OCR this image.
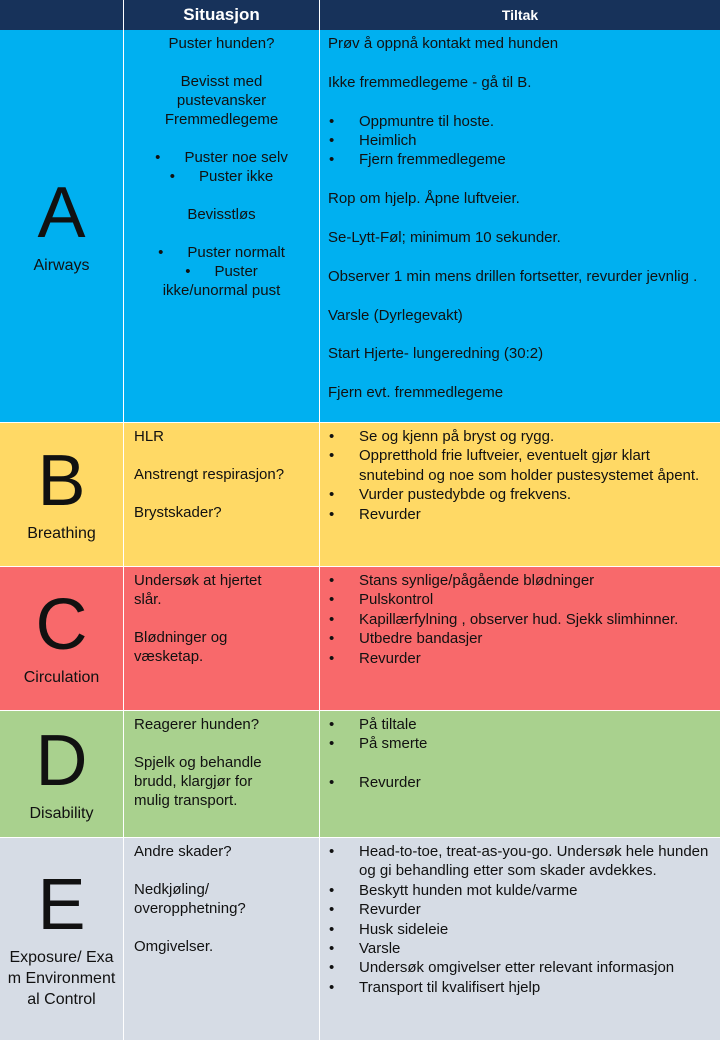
Situasjon	Tiltak
A
Airways

Puster hunden?

Bevisst med pustevansker Fremmedlegeme

• Puster noe selv
• Puster ikke

Bevisstløs

• Puster normalt
• Puster ikke/unormal pust

Prøv å oppnå kontakt med hunden

Ikke fremmedlegeme - gå til B.

• Oppmuntre til hoste.
• Heimlich
• Fjern fremmedlegeme

Rop om hjelp. Åpne luftveier.

Se-Lytt-Føl; minimum 10 sekunder.

Observer 1 min mens drillen fortsetter, revurder jevnlig .

Varsle (Dyrlegevakt)

Start Hjerte- lungeredning (30:2)

Fjern evt. fremmedlegeme

B
Breathing

HLR

Anstrengt respirasjon?

Brystskader?

• Se og kjenn på bryst og rygg.
• Oppretthold frie luftveier, eventuelt gjør klart snutebind og noe som holder pustesystemet åpent.
• Vurder pustedybde og frekvens.
• Revurder
C
Circulation

Undersøk at hjertet slår.

Blødninger og væsketap.

• Stans synlige/pågående blødninger
• Pulskontrol
• Kapillærfylning , observer hud. Sjekk slimhinner.
• Utbedre bandasjer
• Revurder
D
Disability

Reagerer hunden?

Spjelk og behandle brudd, klargjør for mulig transport.

• På tiltale
• På smerte
• Revurder
E
Exposure/ Exam Environmental Control

Andre skader?

Nedkjøling/ overopphetning?

Omgivelser.

• Head-to-toe, treat-as-you-go. Undersøk hele hunden og gi behandling etter som skader avdekkes.
• Beskytt hunden mot kulde/varme
• Revurder
• Husk sideleie
• Varsle
• Undersøk omgivelser etter relevant informasjon
• Transport til kvalifisert hjelp
